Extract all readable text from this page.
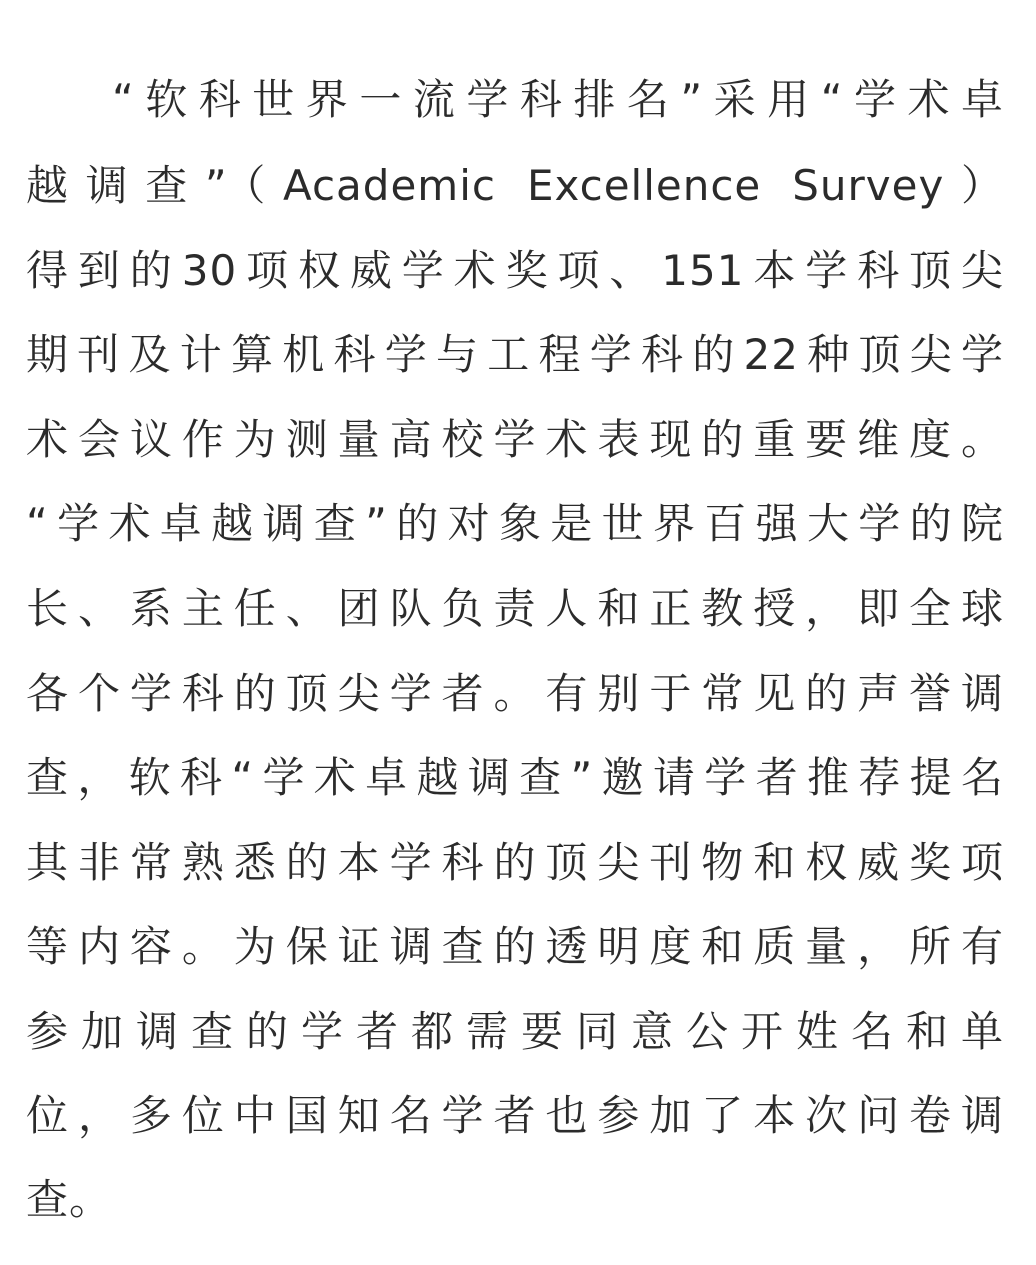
“软科世界一流学科排名”采用“学术卓
越调查”（Academic Excellence Survey）
得到的30项权威学术奖项、151本学科顶尖
期刊及计算机科学与工程学科的22种顶尖学
术会议作为测量高校学术表现的重要维度。
“学术卓越调查”的对象是世界百强大学的院
长、系主任、团队负责人和正教授，即全球
各个学科的顶尖学者。有别于常见的声誉调
查，软科“学术卓越调查”邀请学者推荐提名
其非常熟悉的本学科的顶尖刊物和权威奖项
等内容。为保证调查的透明度和质量，所有
参加调查的学者都需要同意公开姓名和单
位，多位中国知名学者也参加了本次问卷调
查。
